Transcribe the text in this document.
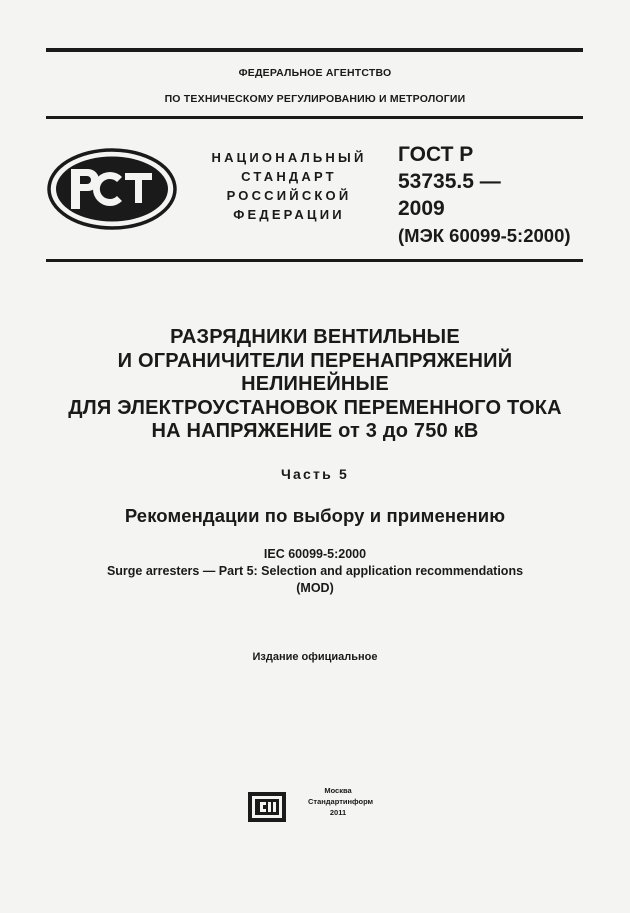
ФЕДЕРАЛЬНОЕ АГЕНТСТВО
ПО ТЕХНИЧЕСКОМУ РЕГУЛИРОВАНИЮ И МЕТРОЛОГИИ
НАЦИОНАЛЬНЫЙ
СТАНДАРТ
РОССИЙСКОЙ
ФЕДЕРАЦИИ
ГОСТ Р
53735.5 —
2009
(МЭК 60099-5:2000)
РАЗРЯДНИКИ ВЕНТИЛЬНЫЕ
И ОГРАНИЧИТЕЛИ ПЕРЕНАПРЯЖЕНИЙ
НЕЛИНЕЙНЫЕ
ДЛЯ ЭЛЕКТРОУСТАНОВОК ПЕРЕМЕННОГО ТОКА
НА НАПРЯЖЕНИЕ от 3 до 750 кВ
Часть 5
Рекомендации по выбору и применению
IEC 60099-5:2000
Surge arresters — Part 5: Selection and application recommendations
(MOD)
Издание официальное
Москва
Стандартинформ
2011
